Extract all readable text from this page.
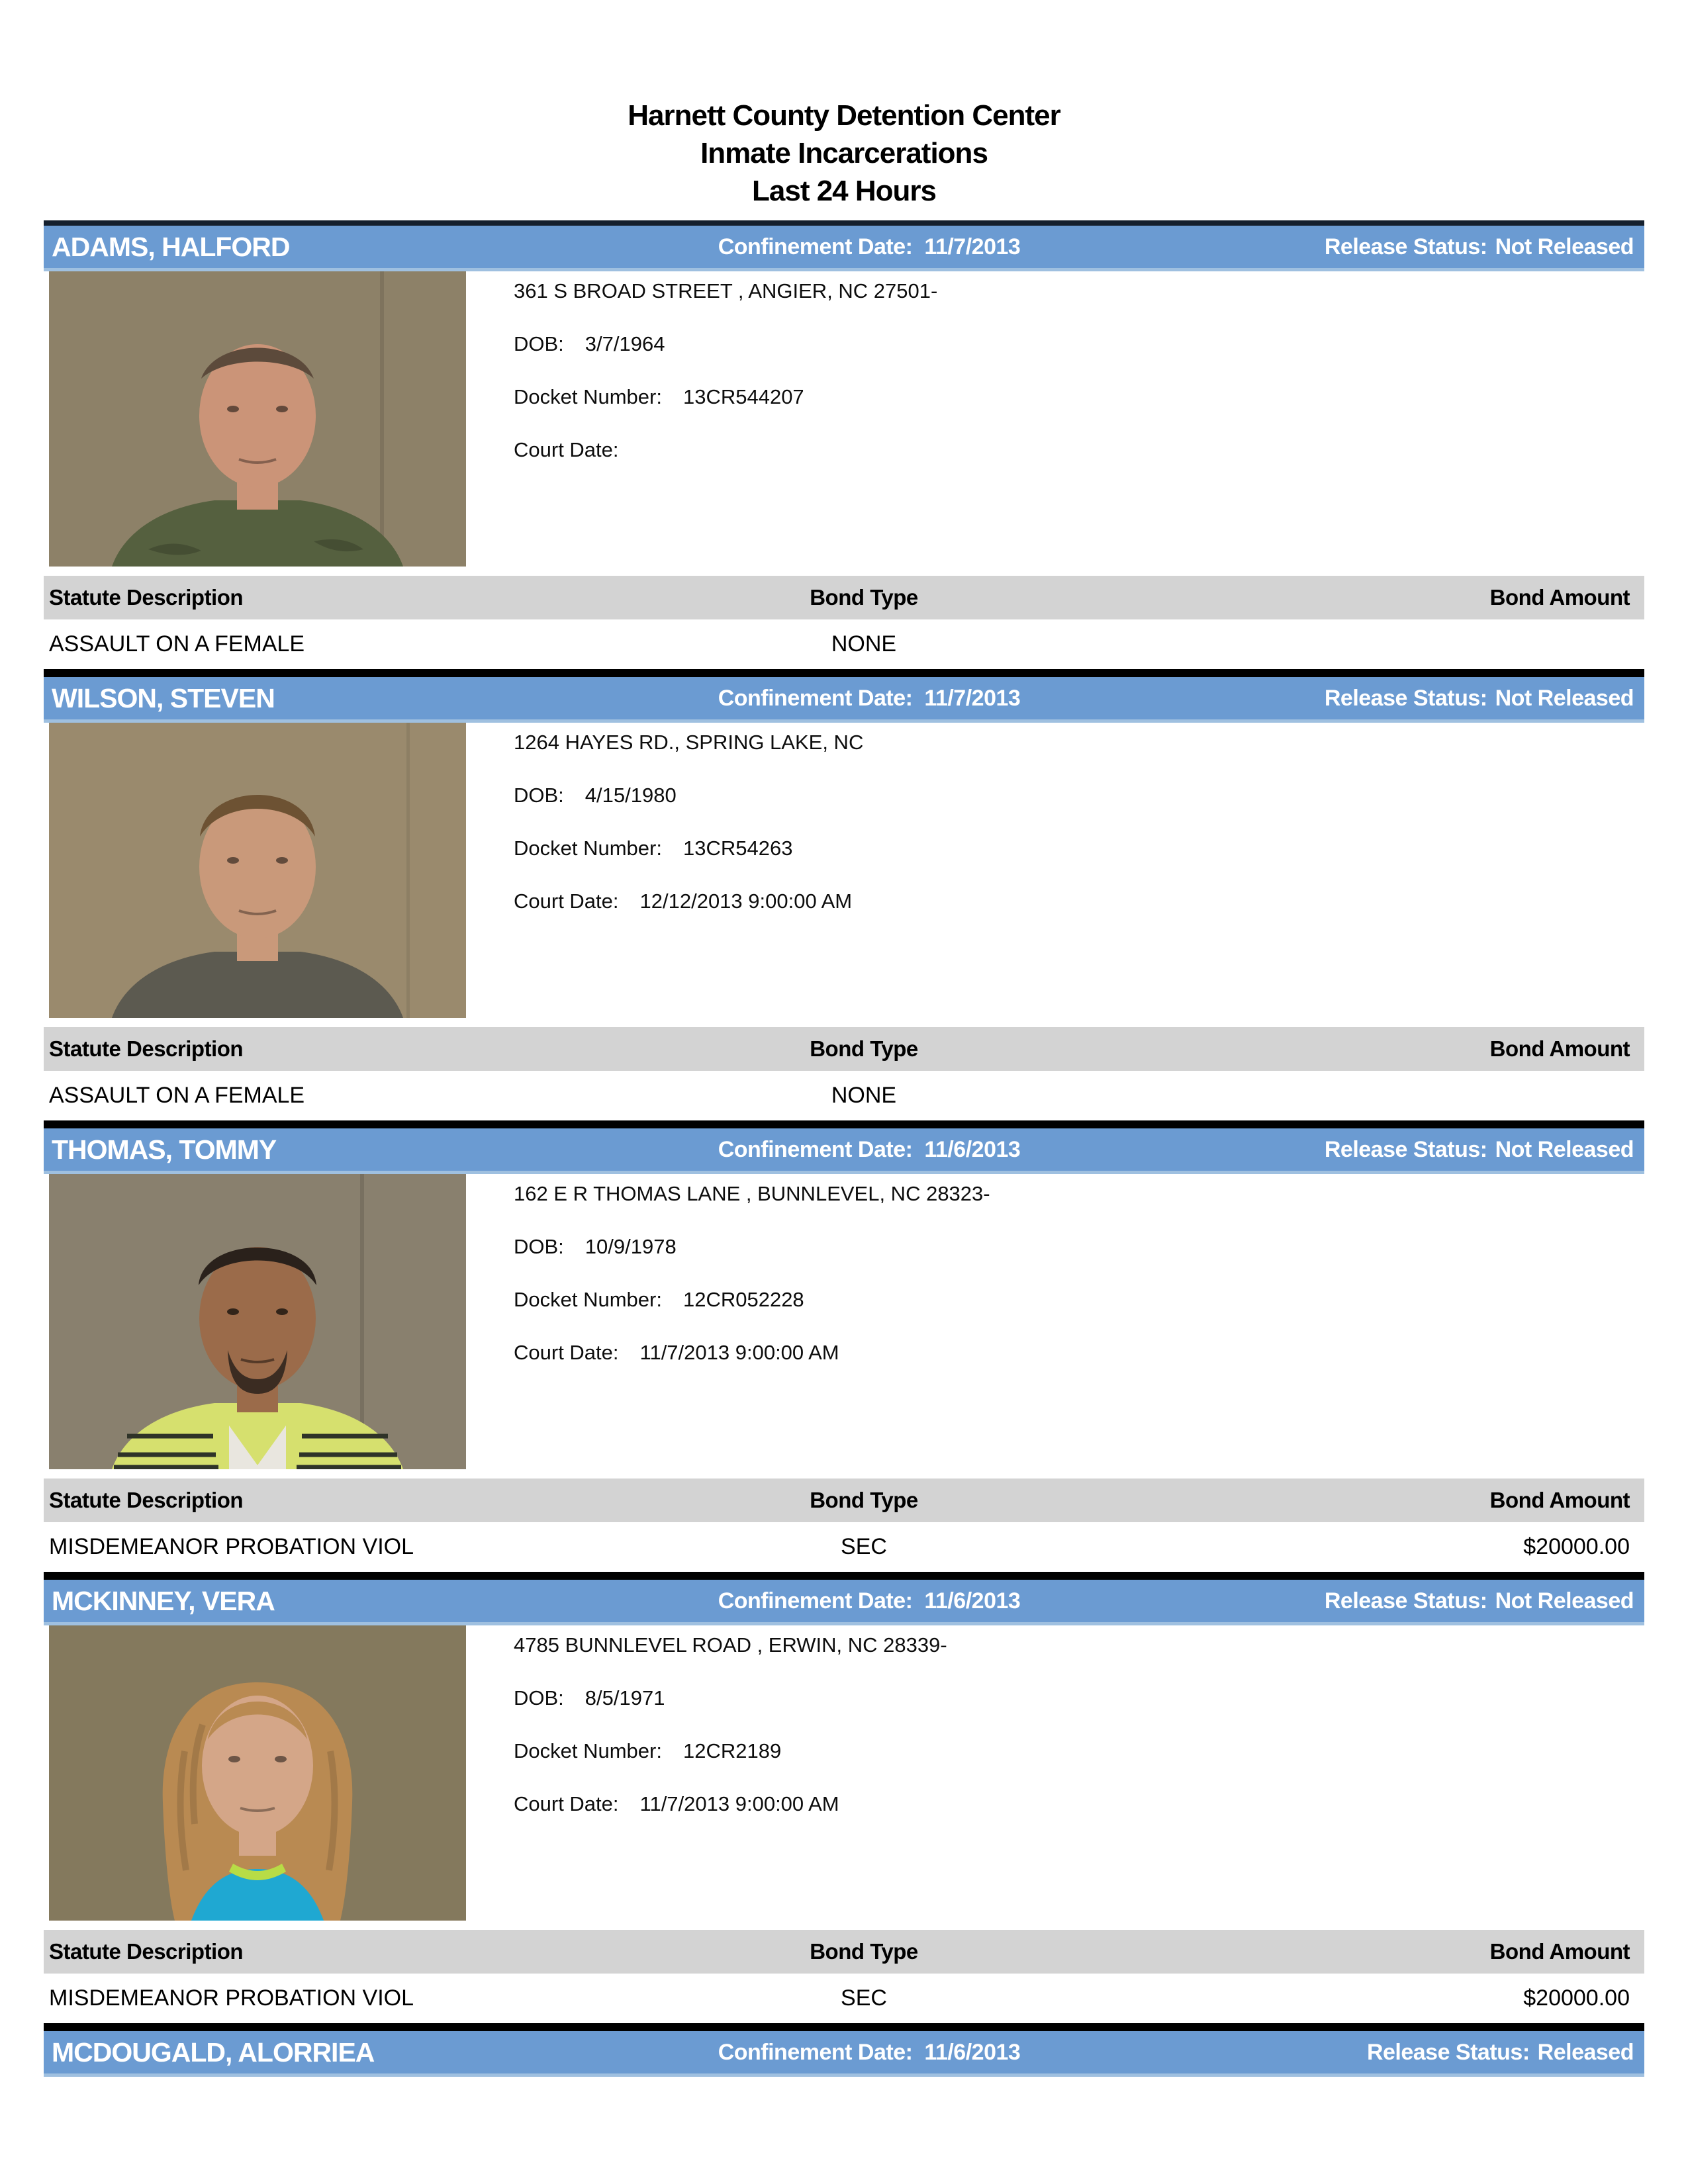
Harnett County Detention Center
Inmate Incarcerations
Last 24 Hours
ADAMS, HALFORD	Confinement Date: 11/7/2013	Release Status: Not Released
361 S BROAD STREET , ANGIER, NC 27501-
DOB: 3/7/1964
Docket Number: 13CR544207
Court Date:
Statute Description	Bond Type	Bond Amount
ASSAULT ON A FEMALE	NONE
WILSON, STEVEN	Confinement Date: 11/7/2013	Release Status: Not Released
1264 HAYES RD., SPRING LAKE, NC
DOB: 4/15/1980
Docket Number: 13CR54263
Court Date: 12/12/2013 9:00:00 AM
Statute Description	Bond Type	Bond Amount
ASSAULT ON A FEMALE	NONE
THOMAS, TOMMY	Confinement Date: 11/6/2013	Release Status: Not Released
162 E R THOMAS LANE , BUNNLEVEL, NC 28323-
DOB: 10/9/1978
Docket Number: 12CR052228
Court Date: 11/7/2013 9:00:00 AM
Statute Description	Bond Type	Bond Amount
MISDEMEANOR PROBATION VIOL	SEC	$20000.00
MCKINNEY, VERA	Confinement Date: 11/6/2013	Release Status: Not Released
4785 BUNNLEVEL ROAD , ERWIN, NC 28339-
DOB: 8/5/1971
Docket Number: 12CR2189
Court Date: 11/7/2013 9:00:00 AM
Statute Description	Bond Type	Bond Amount
MISDEMEANOR PROBATION VIOL	SEC	$20000.00
MCDOUGALD, ALORRIEA	Confinement Date: 11/6/2013	Release Status: Released
